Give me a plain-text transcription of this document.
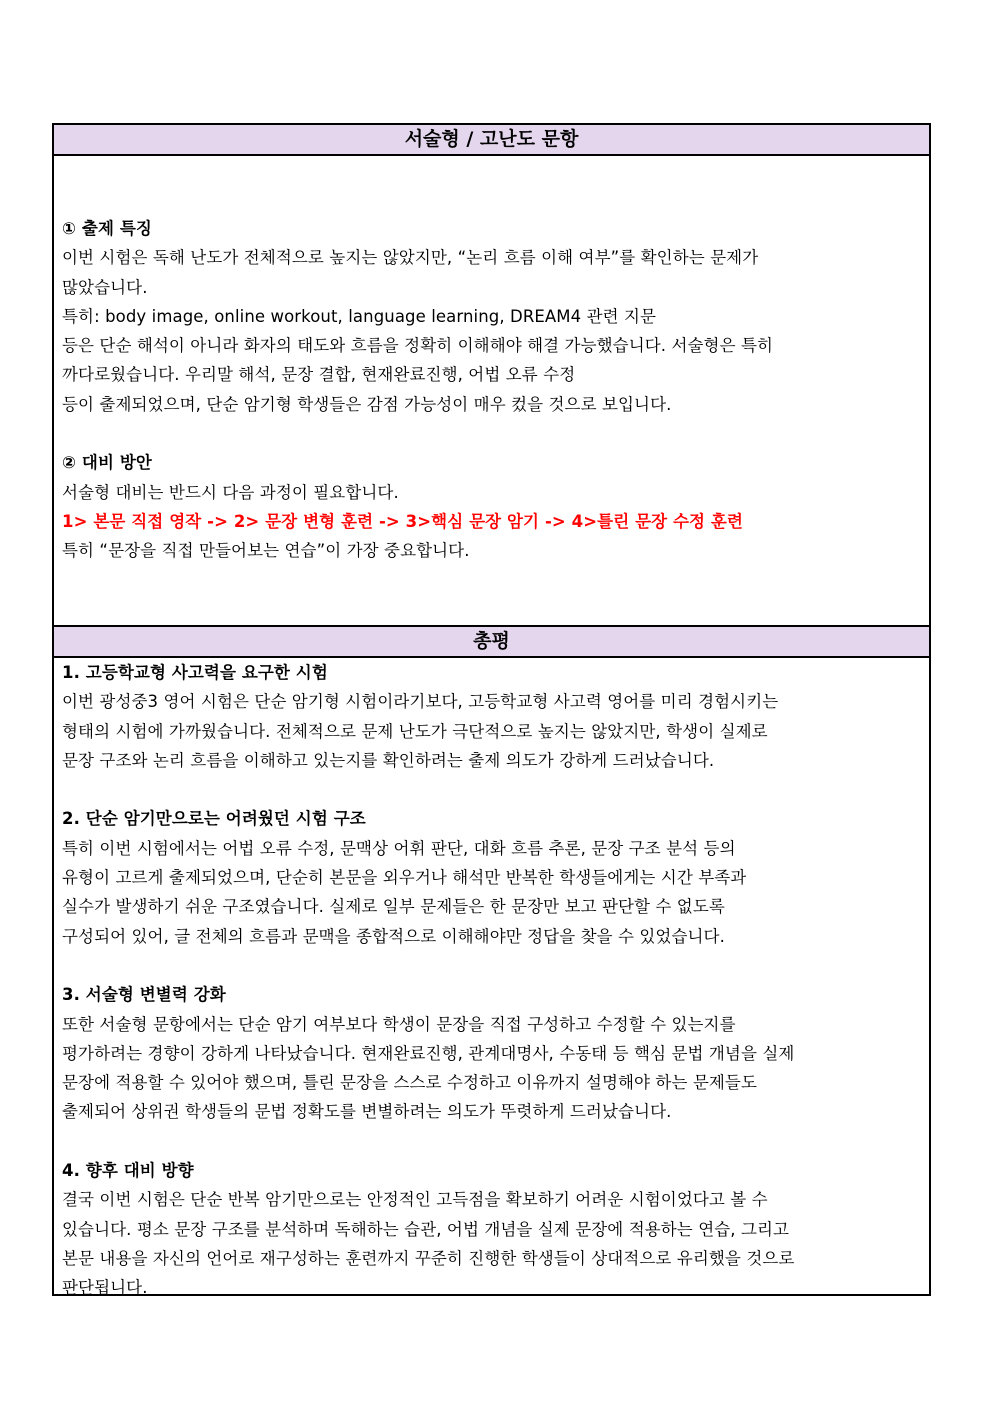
서술형 / 고난도 문항
① 출제 특징
이번 시험은 독해 난도가 전체적으로 높지는 않았지만, “논리 흐름 이해 여부”를 확인하는 문제가
많았습니다.
특히: body image, online workout, language learning, DREAM4 관련 지문
등은 단순 해석이 아니라 화자의 태도와 흐름을 정확히 이해해야 해결 가능했습니다. 서술형은 특히
까다로웠습니다. 우리말 해석, 문장 결합, 현재완료진행, 어법 오류 수정
등이 출제되었으며, 단순 암기형 학생들은 감점 가능성이 매우 컸을 것으로 보입니다.
② 대비 방안
서술형 대비는 반드시 다음 과정이 필요합니다.
1> 본문 직접 영작 -> 2> 문장 변형 훈련 -> 3>핵심 문장 암기 -> 4>틀린 문장 수정 훈련
특히 “문장을 직접 만들어보는 연습”이 가장 중요합니다.
총평
1. 고등학교형 사고력을 요구한 시험
이번 광성중3 영어 시험은 단순 암기형 시험이라기보다, 고등학교형 사고력 영어를 미리 경험시키는
형태의 시험에 가까웠습니다. 전체적으로 문제 난도가 극단적으로 높지는 않았지만, 학생이 실제로
문장 구조와 논리 흐름을 이해하고 있는지를 확인하려는 출제 의도가 강하게 드러났습니다.
2. 단순 암기만으로는 어려웠던 시험 구조
특히 이번 시험에서는 어법 오류 수정, 문맥상 어휘 판단, 대화 흐름 추론, 문장 구조 분석 등의
유형이 고르게 출제되었으며, 단순히 본문을 외우거나 해석만 반복한 학생들에게는 시간 부족과
실수가 발생하기 쉬운 구조였습니다. 실제로 일부 문제들은 한 문장만 보고 판단할 수 없도록
구성되어 있어, 글 전체의 흐름과 문맥을 종합적으로 이해해야만 정답을 찾을 수 있었습니다.
3. 서술형 변별력 강화
또한 서술형 문항에서는 단순 암기 여부보다 학생이 문장을 직접 구성하고 수정할 수 있는지를
평가하려는 경향이 강하게 나타났습니다. 현재완료진행, 관계대명사, 수동태 등 핵심 문법 개념을 실제
문장에 적용할 수 있어야 했으며, 틀린 문장을 스스로 수정하고 이유까지 설명해야 하는 문제들도
출제되어 상위권 학생들의 문법 정확도를 변별하려는 의도가 뚜렷하게 드러났습니다.
4. 향후 대비 방향
결국 이번 시험은 단순 반복 암기만으로는 안정적인 고득점을 확보하기 어려운 시험이었다고 볼 수
있습니다. 평소 문장 구조를 분석하며 독해하는 습관, 어법 개념을 실제 문장에 적용하는 연습, 그리고
본문 내용을 자신의 언어로 재구성하는 훈련까지 꾸준히 진행한 학생들이 상대적으로 유리했을 것으로
판단됩니다.
